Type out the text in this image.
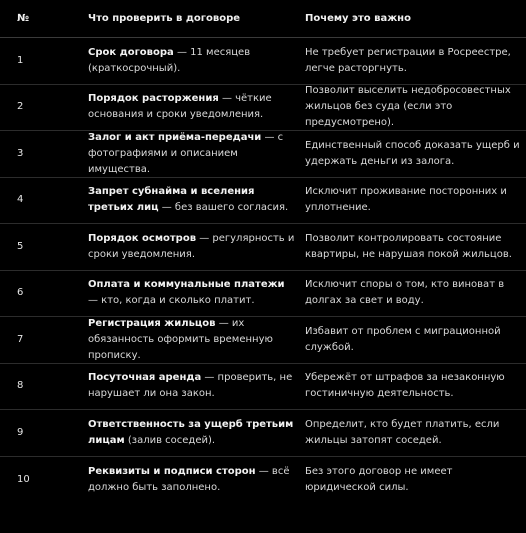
№	Что проверить в договоре	Почему это важно
1
Срок договора — 11 месяцев (краткосрочный).
Не требует регистрации в Росреестре, легче расторгнуть.
2
Порядок расторжения — чёткие основания и сроки уведомления.
Позволит выселить недобросовестных жильцов без суда (если это предусмотрено).
3
Залог и акт приёма-передачи — с фотографиями и описанием имущества.
Единственный способ доказать ущерб и удержать деньги из залога.
4
Запрет субнайма и вселения третьих лиц — без вашего согласия.
Исключит проживание посторонних и уплотнение.
5
Порядок осмотров — регулярность и сроки уведомления.
Позволит контролировать состояние квартиры, не нарушая покой жильцов.
6
Оплата и коммунальные платежи — кто, когда и сколько платит.
Исключит споры о том, кто виноват в долгах за свет и воду.
7
Регистрация жильцов — их обязанность оформить временную прописку.
Избавит от проблем с миграционной службой.
8
Посуточная аренда — проверить, не нарушает ли она закон.
Убережёт от штрафов за незаконную гостиничную деятельность.
9
Ответственность за ущерб третьим лицам (залив соседей).
Определит, кто будет платить, если жильцы затопят соседей.
10
Реквизиты и подписи сторон — всё должно быть заполнено.
Без этого договор не имеет юридической силы.
